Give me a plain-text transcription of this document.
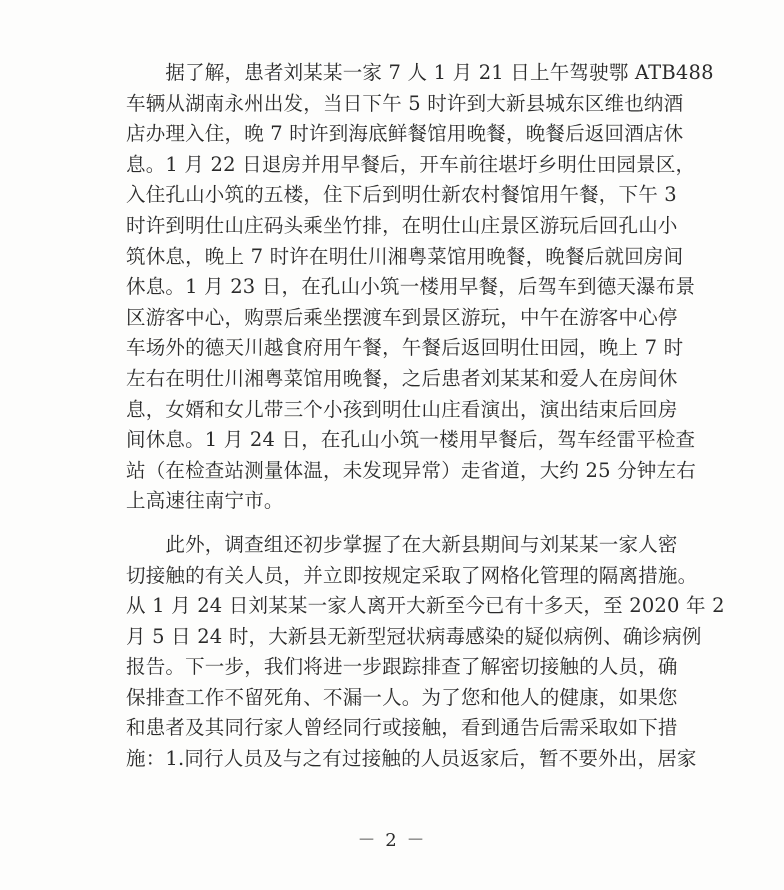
　　据了解，患者刘某某一家 7 人 1 月 21 日上午驾驶鄂 ATB488
车辆从湖南永州出发，当日下午 5 时许到大新县城东区维也纳酒
店办理入住，晚 7 时许到海底鲜餐馆用晚餐，晚餐后返回酒店休
息。1 月 22 日退房并用早餐后，开车前往堪圩乡明仕田园景区，
入住孔山小筑的五楼，住下后到明仕新农村餐馆用午餐，下午 3
时许到明仕山庄码头乘坐竹排，在明仕山庄景区游玩后回孔山小
筑休息，晚上 7 时许在明仕川湘粤菜馆用晚餐，晚餐后就回房间
休息。1 月 23 日，在孔山小筑一楼用早餐，后驾车到德天瀑布景
区游客中心，购票后乘坐摆渡车到景区游玩，中午在游客中心停
车场外的德天川越食府用午餐，午餐后返回明仕田园，晚上 7 时
左右在明仕川湘粤菜馆用晚餐，之后患者刘某某和爱人在房间休
息，女婿和女儿带三个小孩到明仕山庄看演出，演出结束后回房
间休息。1 月 24 日，在孔山小筑一楼用早餐后，驾车经雷平检查
站（在检查站测量体温，未发现异常）走省道，大约 25 分钟左右
上高速往南宁市。
　　此外，调查组还初步掌握了在大新县期间与刘某某一家人密
切接触的有关人员，并立即按规定采取了网格化管理的隔离措施。
从 1 月 24 日刘某某一家人离开大新至今已有十多天，至 2020 年 2
月 5 日 24 时，大新县无新型冠状病毒感染的疑似病例、确诊病例
报告。下一步，我们将进一步跟踪排查了解密切接触的人员，确
保排查工作不留死角、不漏一人。为了您和他人的健康，如果您
和患者及其同行家人曾经同行或接触，看到通告后需采取如下措
施：1.同行人员及与之有过接触的人员返家后，暂不要外出，居家
－ 2 －
